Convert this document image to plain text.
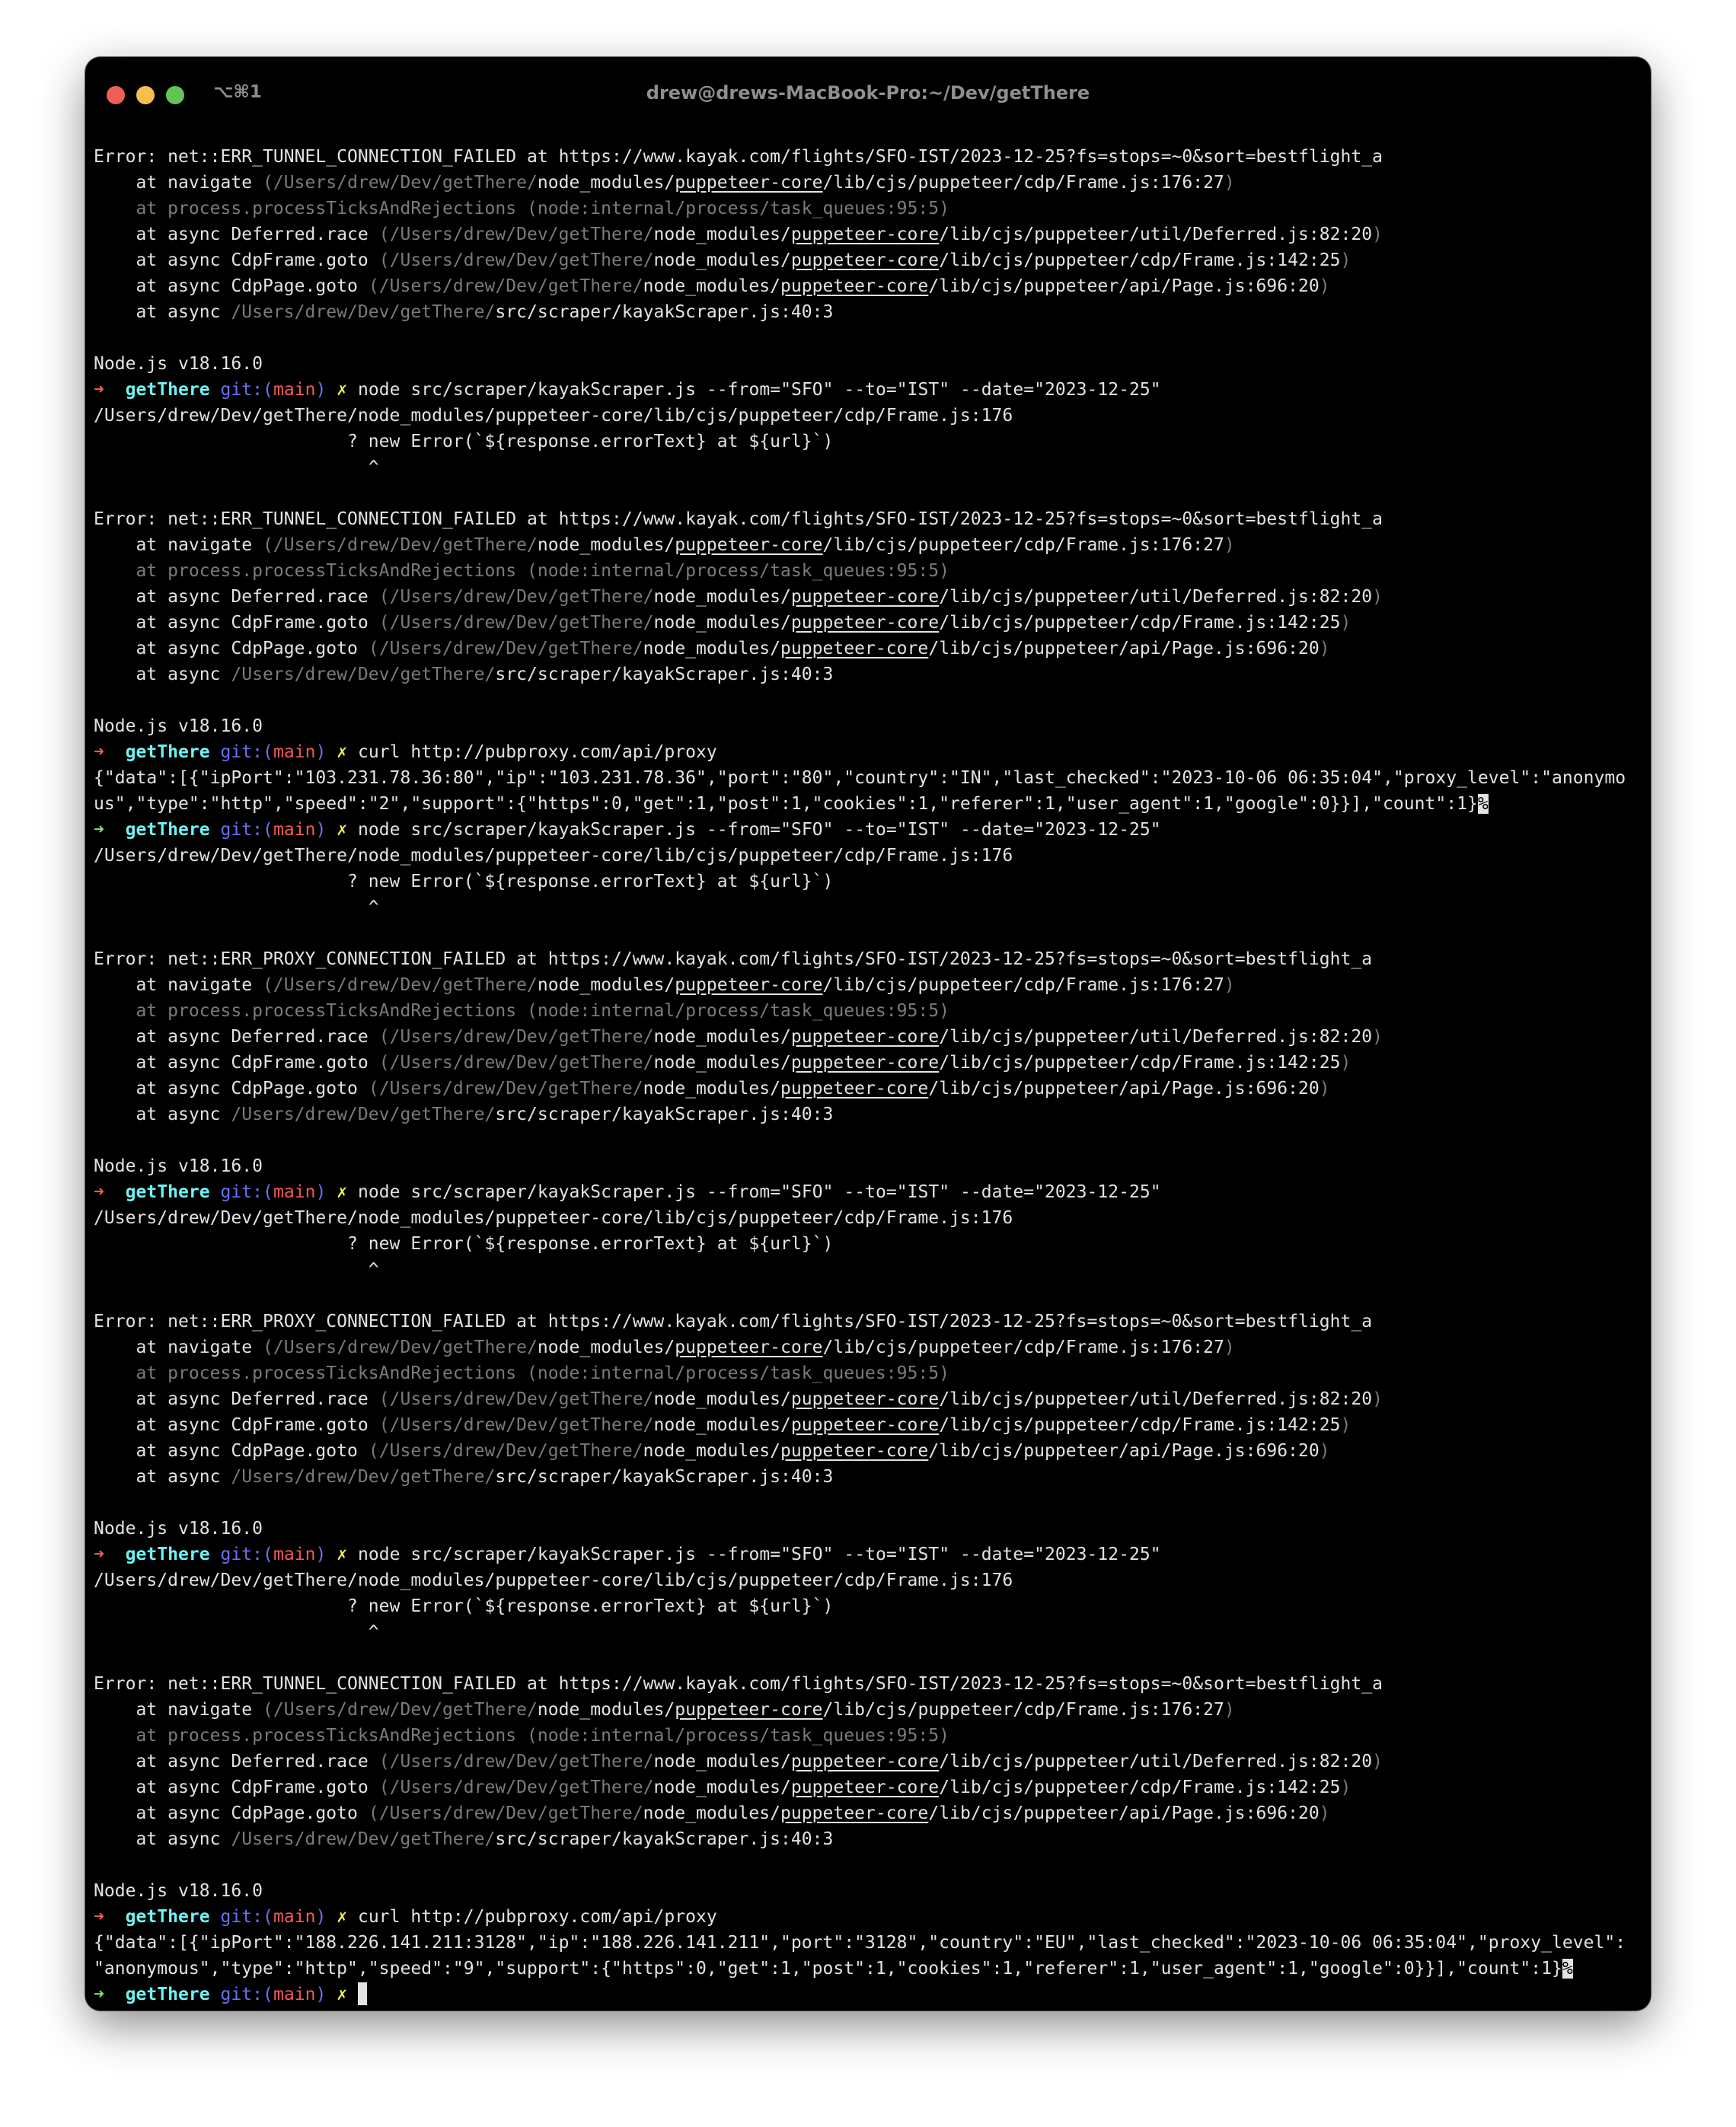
⌥⌘1	drew@drews-MacBook-Pro:~/Dev/getThere
Error: net::ERR_TUNNEL_CONNECTION_FAILED at https://www.kayak.com/flights/SFO-IST/2023-12-25?fs=stops=~0&sort=bestflight_a
at navigate (/Users/drew/Dev/getThere/node_modules/puppeteer-core/lib/cjs/puppeteer/cdp/Frame.js:176:27)
at process.processTicksAndRejections (node:internal/process/task_queues:95:5)
at async Deferred.race (/Users/drew/Dev/getThere/node_modules/puppeteer-core/lib/cjs/puppeteer/util/Deferred.js:82:20)
at async CdpFrame.goto (/Users/drew/Dev/getThere/node_modules/puppeteer-core/lib/cjs/puppeteer/cdp/Frame.js:142:25)
at async CdpPage.goto (/Users/drew/Dev/getThere/node_modules/puppeteer-core/lib/cjs/puppeteer/api/Page.js:696:20)
at async /Users/drew/Dev/getThere/src/scraper/kayakScraper.js:40:3
Node.js v18.16.0
➜  getThere git:(main) ✗ node src/scraper/kayakScraper.js --from="SFO" --to="IST" --date="2023-12-25"
/Users/drew/Dev/getThere/node_modules/puppeteer-core/lib/cjs/puppeteer/cdp/Frame.js:176
? new Error(`${response.errorText} at ${url}`)
^
Error: net::ERR_TUNNEL_CONNECTION_FAILED at https://www.kayak.com/flights/SFO-IST/2023-12-25?fs=stops=~0&sort=bestflight_a
at navigate (/Users/drew/Dev/getThere/node_modules/puppeteer-core/lib/cjs/puppeteer/cdp/Frame.js:176:27)
at process.processTicksAndRejections (node:internal/process/task_queues:95:5)
at async Deferred.race (/Users/drew/Dev/getThere/node_modules/puppeteer-core/lib/cjs/puppeteer/util/Deferred.js:82:20)
at async CdpFrame.goto (/Users/drew/Dev/getThere/node_modules/puppeteer-core/lib/cjs/puppeteer/cdp/Frame.js:142:25)
at async CdpPage.goto (/Users/drew/Dev/getThere/node_modules/puppeteer-core/lib/cjs/puppeteer/api/Page.js:696:20)
at async /Users/drew/Dev/getThere/src/scraper/kayakScraper.js:40:3
Node.js v18.16.0
➜  getThere git:(main) ✗ curl http://pubproxy.com/api/proxy
{"data":[{"ipPort":"103.231.78.36:80","ip":"103.231.78.36","port":"80","country":"IN","last_checked":"2023-10-06 06:35:04","proxy_level":"anonymo
us","type":"http","speed":"2","support":{"https":0,"get":1,"post":1,"cookies":1,"referer":1,"user_agent":1,"google":0}}],"count":1}%
➜  getThere git:(main) ✗ node src/scraper/kayakScraper.js --from="SFO" --to="IST" --date="2023-12-25"
/Users/drew/Dev/getThere/node_modules/puppeteer-core/lib/cjs/puppeteer/cdp/Frame.js:176
? new Error(`${response.errorText} at ${url}`)
^
Error: net::ERR_PROXY_CONNECTION_FAILED at https://www.kayak.com/flights/SFO-IST/2023-12-25?fs=stops=~0&sort=bestflight_a
at navigate (/Users/drew/Dev/getThere/node_modules/puppeteer-core/lib/cjs/puppeteer/cdp/Frame.js:176:27)
at process.processTicksAndRejections (node:internal/process/task_queues:95:5)
at async Deferred.race (/Users/drew/Dev/getThere/node_modules/puppeteer-core/lib/cjs/puppeteer/util/Deferred.js:82:20)
at async CdpFrame.goto (/Users/drew/Dev/getThere/node_modules/puppeteer-core/lib/cjs/puppeteer/cdp/Frame.js:142:25)
at async CdpPage.goto (/Users/drew/Dev/getThere/node_modules/puppeteer-core/lib/cjs/puppeteer/api/Page.js:696:20)
at async /Users/drew/Dev/getThere/src/scraper/kayakScraper.js:40:3
Node.js v18.16.0
➜  getThere git:(main) ✗ node src/scraper/kayakScraper.js --from="SFO" --to="IST" --date="2023-12-25"
/Users/drew/Dev/getThere/node_modules/puppeteer-core/lib/cjs/puppeteer/cdp/Frame.js:176
? new Error(`${response.errorText} at ${url}`)
^
Error: net::ERR_PROXY_CONNECTION_FAILED at https://www.kayak.com/flights/SFO-IST/2023-12-25?fs=stops=~0&sort=bestflight_a
at navigate (/Users/drew/Dev/getThere/node_modules/puppeteer-core/lib/cjs/puppeteer/cdp/Frame.js:176:27)
at process.processTicksAndRejections (node:internal/process/task_queues:95:5)
at async Deferred.race (/Users/drew/Dev/getThere/node_modules/puppeteer-core/lib/cjs/puppeteer/util/Deferred.js:82:20)
at async CdpFrame.goto (/Users/drew/Dev/getThere/node_modules/puppeteer-core/lib/cjs/puppeteer/cdp/Frame.js:142:25)
at async CdpPage.goto (/Users/drew/Dev/getThere/node_modules/puppeteer-core/lib/cjs/puppeteer/api/Page.js:696:20)
at async /Users/drew/Dev/getThere/src/scraper/kayakScraper.js:40:3
Node.js v18.16.0
➜  getThere git:(main) ✗ node src/scraper/kayakScraper.js --from="SFO" --to="IST" --date="2023-12-25"
/Users/drew/Dev/getThere/node_modules/puppeteer-core/lib/cjs/puppeteer/cdp/Frame.js:176
? new Error(`${response.errorText} at ${url}`)
^
Error: net::ERR_TUNNEL_CONNECTION_FAILED at https://www.kayak.com/flights/SFO-IST/2023-12-25?fs=stops=~0&sort=bestflight_a
at navigate (/Users/drew/Dev/getThere/node_modules/puppeteer-core/lib/cjs/puppeteer/cdp/Frame.js:176:27)
at process.processTicksAndRejections (node:internal/process/task_queues:95:5)
at async Deferred.race (/Users/drew/Dev/getThere/node_modules/puppeteer-core/lib/cjs/puppeteer/util/Deferred.js:82:20)
at async CdpFrame.goto (/Users/drew/Dev/getThere/node_modules/puppeteer-core/lib/cjs/puppeteer/cdp/Frame.js:142:25)
at async CdpPage.goto (/Users/drew/Dev/getThere/node_modules/puppeteer-core/lib/cjs/puppeteer/api/Page.js:696:20)
at async /Users/drew/Dev/getThere/src/scraper/kayakScraper.js:40:3
Node.js v18.16.0
➜  getThere git:(main) ✗ curl http://pubproxy.com/api/proxy
{"data":[{"ipPort":"188.226.141.211:3128","ip":"188.226.141.211","port":"3128","country":"EU","last_checked":"2023-10-06 06:35:04","proxy_level":
"anonymous","type":"http","speed":"9","support":{"https":0,"get":1,"post":1,"cookies":1,"referer":1,"user_agent":1,"google":0}}],"count":1}%
➜  getThere git:(main) ✗
